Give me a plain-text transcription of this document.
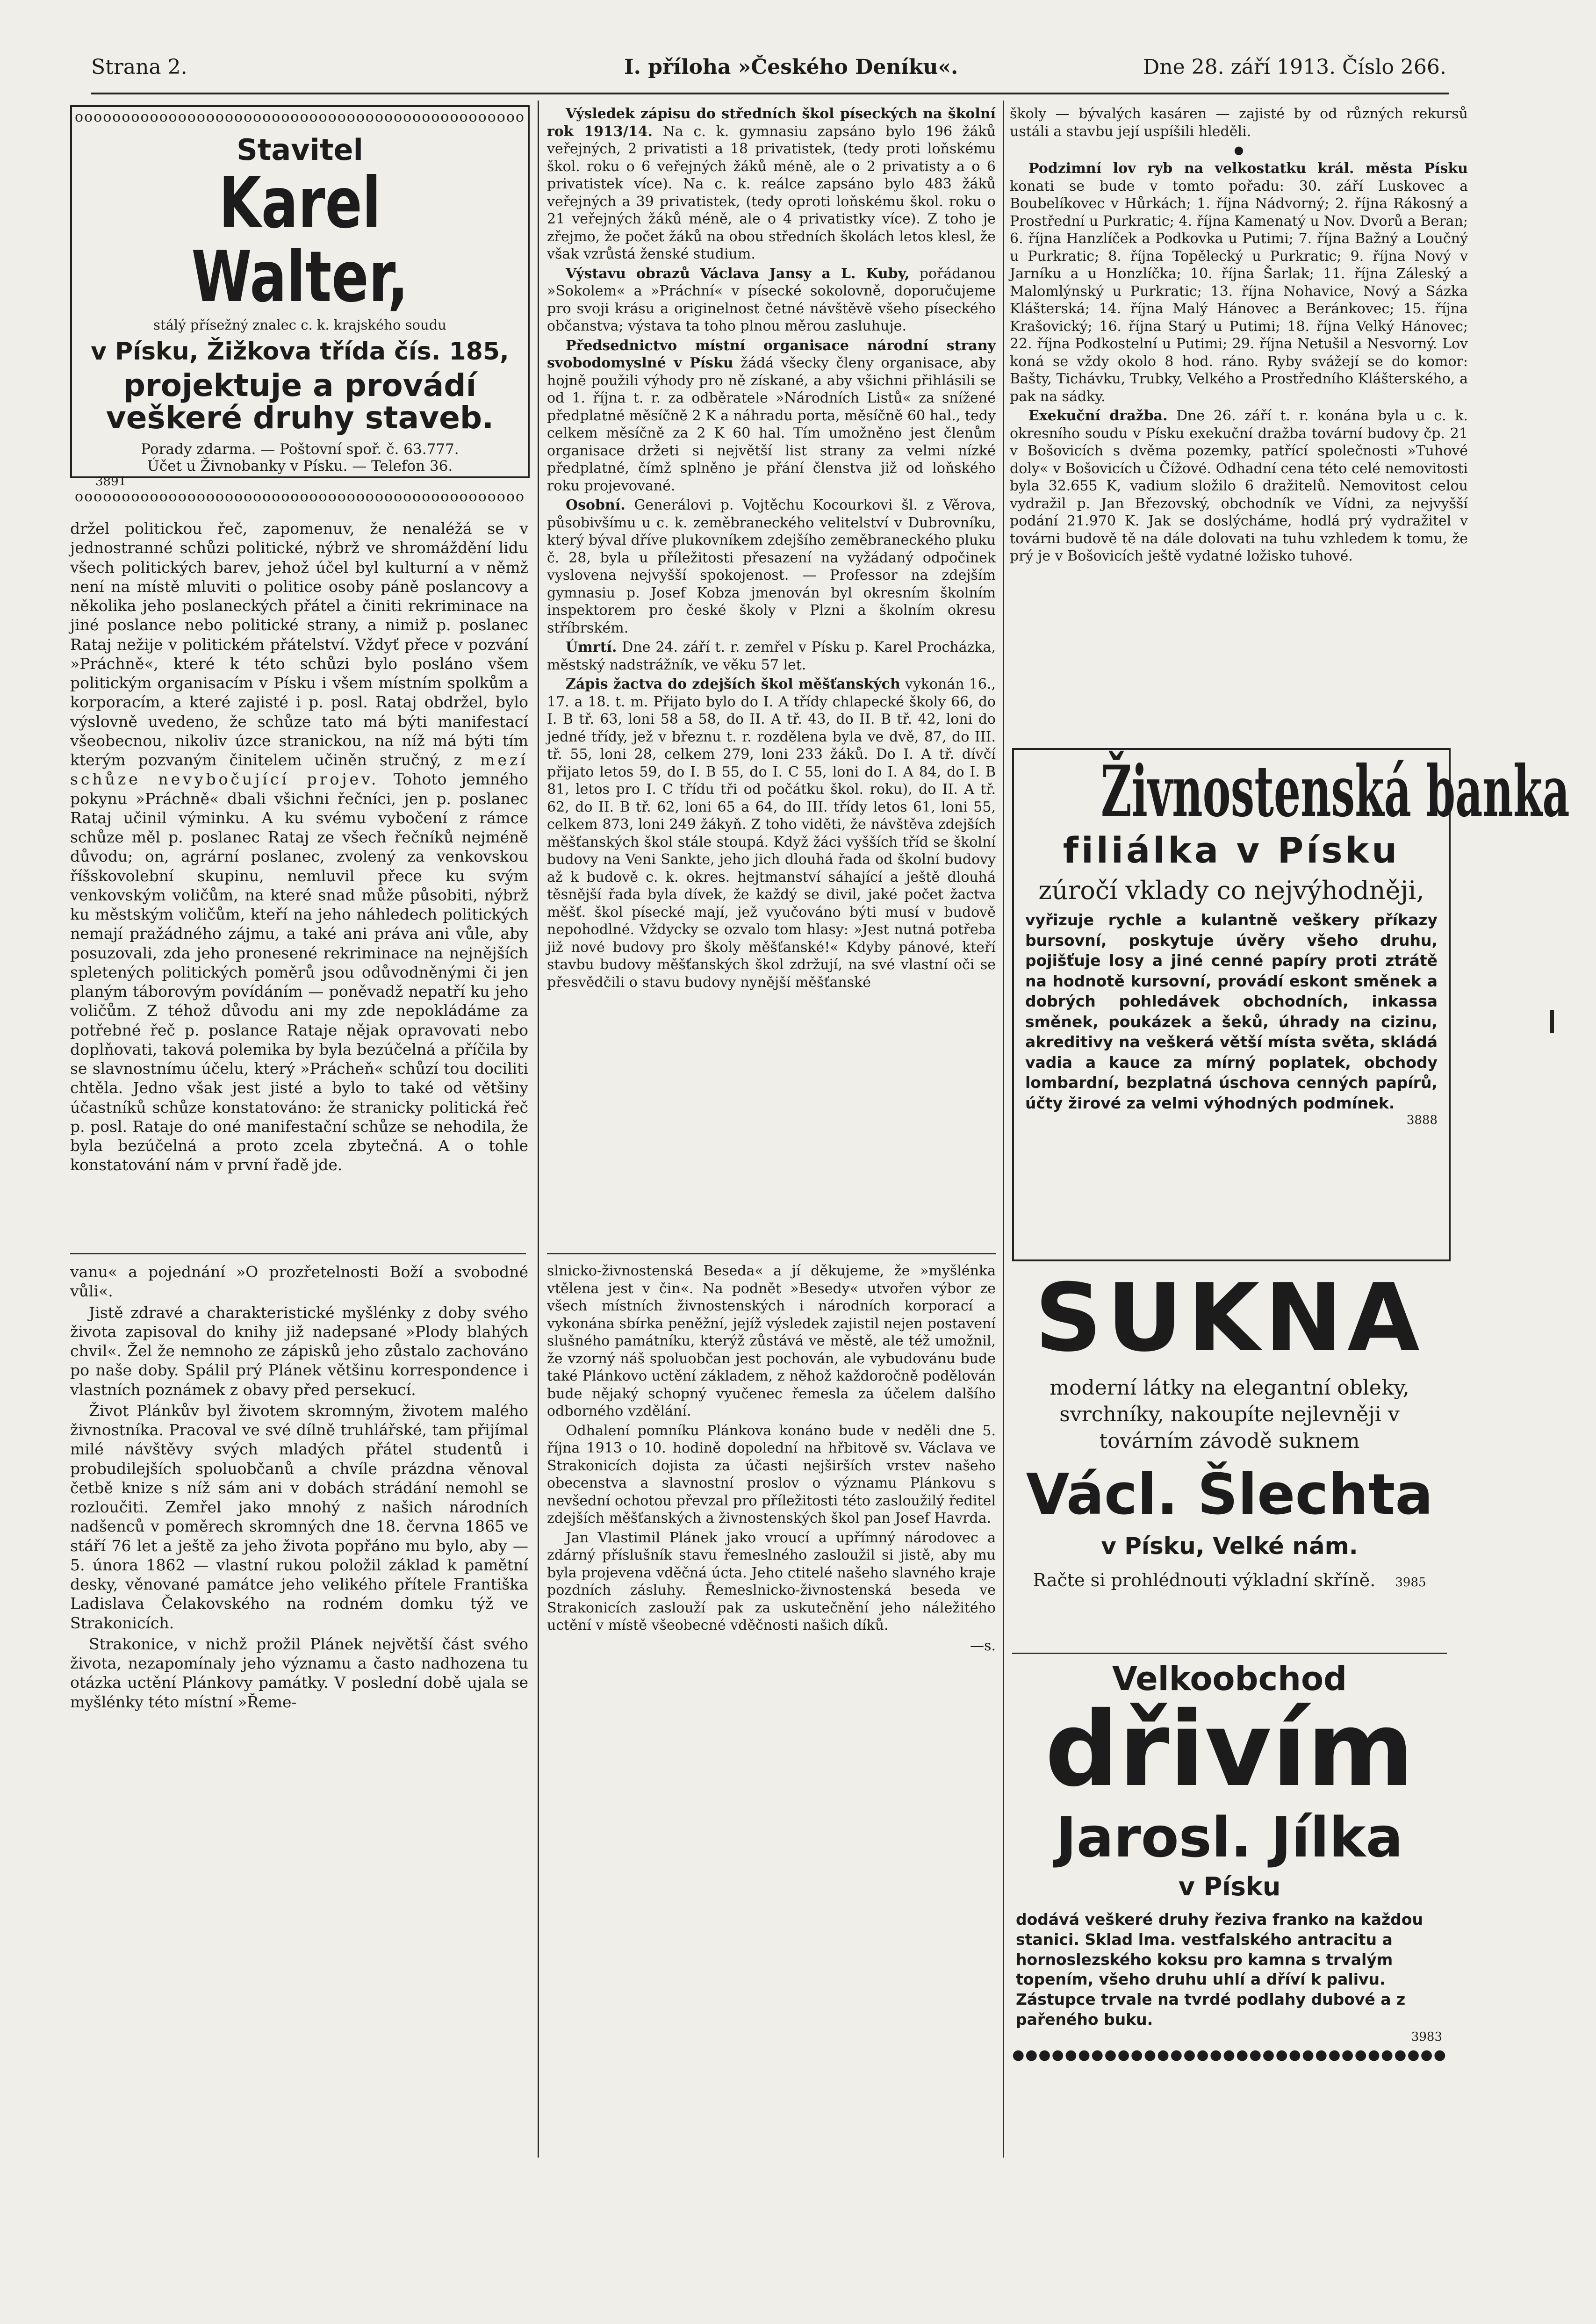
Strana 2.	I. příloha »Českého Deníku«.	Dne 28. září 1913. Číslo 266.
oooooooooooooooooooooooooooooooooooooooooooooooo
Stavitel
Karel Walter,
stálý přísežný znalec c. k. krajského soudu
v Písku, Žižkova třída čís. 185,
projektuje a provádí
veškeré druhy staveb.
Porady zdarma. — Poštovní spoř. č. 63.777.
Účet u Živnobanky v Písku. — Telefon 36.
3891
oooooooooooooooooooooooooooooooooooooooooooooooo

držel politickou řeč, zapomenuv, že nenaléžá se v jednostranné schůzi politické, nýbrž ve shromáždění lidu všech politických barev, jehož účel byl kulturní a v němž není na místě mluviti o politice osoby páně poslancovy a několika jeho poslaneckých přátel a činiti rekriminace na jiné poslance nebo politické strany, a nimiž p. poslanec Rataj nežije v politickém přátelství. Vždyť přece v pozvání »Práchně«, které k této schůzi bylo posláno všem politickým organisacím v Písku i všem místním spolkům a korporacím, a které zajisté i p. posl. Rataj obdržel, bylo výslovně uvedeno, že schůze tato má býti manifestací všeobecnou, nikoliv úzce stranickou, na níž má býti tím kterým pozvaným činitelem učiněn stručný, z mezí schůze nevybočující projev. Tohoto jemného pokynu »Práchně« dbali všichni řečníci, jen p. poslanec Rataj učinil výminku. A ku svému vybočení z rámce schůze měl p. poslanec Rataj ze všech řečníků nejméně důvodu; on, agrární poslanec, zvolený za venkovskou říšskovolební skupinu, nemluvil přece ku svým venkovským voličům, na které snad může působiti, nýbrž ku městským voličům, kteří na jeho náhledech politických nemají pražádného zájmu, a také ani práva ani vůle, aby posuzovali, zda jeho pronesené rekriminace na nejnějších spletených politických poměrů jsou odůvodněnými či jen planým táborovým povídáním — poněvadž nepatří ku jeho voličům. Z téhož důvodu ani my zde nepokládáme za potřebné řeč p. poslance Rataje nějak opravovati nebo doplňovati, taková polemika by byla bezúčelná a příčila by se slavnostnímu účelu, který »Prácheň« schůzí tou dociliti chtěla. Jedno však jest jisté a bylo to také od většiny účastníků schůze konstatováno: že stranicky politická řeč p. posl. Rataje do oné manifestační schůze se nehodila, že byla bezúčelná a proto zcela zbytečná. A o tohle konstatování nám v první řadě jde.

vanu« a pojednání »O prozřetelnosti Boží a svobodné vůli«.

Jistě zdravé a charakteristické myšlénky z doby svého života zapisoval do knihy již nadepsané »Plody blahých chvil«. Žel že nemnoho ze zápisků jeho zůstalo zachováno po naše doby. Spálil prý Plánek většinu korrespondence i vlastních poznámek z obavy před persekucí.

Život Plánkův byl životem skromným, životem malého živnostníka. Pracoval ve své dílně truhlářské, tam přijímal milé návštěvy svých mladých přátel studentů i probudilejších spoluobčanů a chvíle prázdna věnoval četbě knize s níž sám ani v dobách strádání nemohl se rozloučiti. Zemřel jako mnohý z našich národních nadšenců v poměrech skromných dne 18. června 1865 ve stáří 76 let a ještě za jeho života popřáno mu bylo, aby — 5. února 1862 — vlastní rukou položil základ k pamětní desky, věnované památce jeho velikého přítele Františka Ladislava Čelakovského na rodném domku týž ve Strakonicích.

Strakonice, v nichž prožil Plánek největší část svého života, nezapomínaly jeho významu a často nadhozena tu otázka uctění Plánkovy památky. V poslední době ujala se myšlénky této místní »Řeme-

Výsledek zápisu do středních škol píseckých na školní rok 1913/14. Na c. k. gymnasiu zapsáno bylo 196 žáků veřejných, 2 privatisti a 18 privatistek, (tedy proti loňskému škol. roku o 6 veřejných žáků méně, ale o 2 privatisty a o 6 privatistek více). Na c. k. reálce zapsáno bylo 483 žáků veřejných a 39 privatistek, (tedy oproti loňskému škol. roku o 21 veřejných žáků méně, ale o 4 privatistky více). Z toho je zřejmo, že počet žáků na obou středních školách letos klesl, že však vzrůstá ženské studium.

Výstavu obrazů Václava Jansy a L. Kuby, pořádanou »Sokolem« a »Práchní« v písecké sokolovně, doporučujeme pro svoji krásu a originelnost četné návštěvě všeho píseckého občanstva; výstava ta toho plnou měrou zasluhuje.

Předsednictvo místní organisace národní strany svobodomyslné v Písku žádá všecky členy organisace, aby hojně použili výhody pro ně získané, a aby všichni přihlásili se od 1. října t. r. za odběratele »Národních Listů« za snížené předplatné měsíčně 2 K a náhradu porta, měsíčně 60 hal., tedy celkem měsíčně za 2 K 60 hal. Tím umožněno jest členům organisace držeti si největší list strany za velmi nízké předplatné, čímž splněno je přání členstva již od loňského roku projevované.

Osobní. Generálovi p. Vojtěchu Kocourkovi šl. z Věrova, působivšímu u c. k. zeměbraneckého velitelství v Dubrovníku, který býval dříve plukovníkem zdejšího zeměbraneckého pluku č. 28, byla u příležitosti přesazení na vyžádaný odpočinek vyslovena nejvyšší spokojenost. — Professor na zdejším gymnasiu p. Josef Kobza jmenován byl okresním školním inspektorem pro české školy v Plzni a školním okresu stříbrském.

Úmrtí. Dne 24. září t. r. zemřel v Písku p. Karel Procházka, městský nadstrážník, ve věku 57 let.

Zápis žactva do zdejších škol měšťanských vykonán 16., 17. a 18. t. m. Přijato bylo do I. A třídy chlapecké školy 66, do I. B tř. 63, loni 58 a 58, do II. A tř. 43, do II. B tř. 42, loni do jedné třídy, jež v březnu t. r. rozdělena byla ve dvě, 87, do III. tř. 55, loni 28, celkem 279, loni 233 žáků. Do I. A tř. dívčí přijato letos 59, do I. B 55, do I. C 55, loni do I. A 84, do I. B 81, letos pro I. C třídu tři od počátku škol. roku), do II. A tř. 62, do II. B tř. 62, loni 65 a 64, do III. třídy letos 61, loni 55, celkem 873, loni 249 žákyň. Z toho viděti, že návštěva zdejších měšťanských škol stále stoupá. Když žáci vyšších tříd se školní budovy na Veni Sankte, jeho jich dlouhá řada od školní budovy až k budově c. k. okres. hejtmanství sáhající a ještě dlouhá těsnější řada byla dívek, že každý se divil, jaké počet žactva měšť. škol písecké mají, jež vyučováno býti musí v budově nepohodlné. Vždycky se ozvalo tom hlasy: »Jest nutná potřeba již nové budovy pro školy měšťanské!« Kdyby pánové, kteří stavbu budovy měšťanských škol zdržují, na své vlastní oči se přesvědčili o stavu budovy nynější měšťanské

slnicko-živnostenská Beseda« a jí děkujeme, že »myšlénka vtělena jest v čin«. Na podnět »Besedy« utvořen výbor ze všech místních živnostenských i národních korporací a vykonána sbírka peněžní, jejíž výsledek zajistil nejen postavení slušného památníku, kterýž zůstává ve městě, ale též umožnil, že vzorný náš spoluobčan jest pochován, ale vybudovánu bude také Plánkovo uctění základem, z něhož každoročně podělován bude nějaký schopný vyučenec řemesla za účelem dalšího odborného vzdělání.

Odhalení pomníku Plánkova konáno bude v neděli dne 5. října 1913 o 10. hodině dopolední na hřbitově sv. Václava ve Strakonicích dojista za účasti nejširších vrstev našeho obecenstva a slavnostní proslov o významu Plánkovu s nevšední ochotou převzal pro příležitosti této zasloužilý ředitel zdejších měšťanských a živnostenských škol pan Josef Havrda.

Jan Vlastimil Plánek jako vroucí a upřímný národovec a zdárný příslušník stavu řemeslného zasloužil si jistě, aby mu byla projevena vděčná úcta. Jeho ctitelé našeho slavného kraje pozdních zásluhy. Řemeslnicko-živnostenská beseda ve Strakonicích zaslouží pak za uskutečnění jeho náležitého uctění v místě všeobecné vděčnosti našich díků.

—s.

školy — bývalých kasáren — zajisté by od různých rekursů ustáli a stavbu její uspíšili hleděli.

●

Podzimní lov ryb na velkostatku král. města Písku konati se bude v tomto pořadu: 30. září Luskovec a Boubelíkovec v Hůrkách; 1. října Nádvorný; 2. října Rákosný a Prostřední u Purkratic; 4. října Kamenatý u Nov. Dvorů a Beran; 6. října Hanzlíček a Podkovka u Putimi; 7. října Bažný a Loučný u Purkratic; 8. října Topělecký u Purkratic; 9. října Nový v Jarníku a u Honzlíčka; 10. října Šarlak; 11. října Záleský a Malomlýnský u Purkratic; 13. října Nohavice, Nový a Sázka Klášterská; 14. října Malý Hánovec a Beránkovec; 15. října Krašovický; 16. října Starý u Putimi; 18. října Velký Hánovec; 22. října Podkostelní u Putimi; 29. října Netušil a Nesvorný. Lov koná se vždy okolo 8 hod. ráno. Ryby svážejí se do komor: Bašty, Tichávku, Trubky, Velkého a Prostředního Klášterského, a pak na sádky.

Exekuční dražba. Dne 26. září t. r. konána byla u c. k. okresního soudu v Písku exekuční dražba tovární budovy čp. 21 v Bošovicích s dvěma pozemky, patřící společnosti »Tuhové doly« v Bošovicích u Čížové. Odhadní cena této celé nemovitosti byla 32.655 K, vadium složilo 6 dražitelů. Nemovitost celou vydražil p. Jan Březovský, obchodník ve Vídni, za nejvyšší podání 21.970 K. Jak se doslýcháme, hodlá prý vydražitel v továrni budově tě na dále dolovati na tuhu vzhledem k tomu, že prý je v Bošovicích ještě vydatné ložisko tuhové.

Živnostenská banka
filiálka v Písku
zúročí vklady co nejvýhodněji,
vyřizuje rychle a kulantně veškery příkazy bursovní, poskytuje úvěry všeho druhu, pojišťuje losy a jiné cenné papíry proti ztrátě na hodnotě kursovní, provádí eskont směnek a dobrých pohledávek obchodních, inkassa směnek, poukázek a šeků, úhrady na cizinu, akreditivy na veškerá větší místa světa, skládá vadia a kauce za mírný poplatek, obchody lombardní, bezplatná úschova cenných papírů, účty žirové za velmi výhodných podmínek.
3888
SUKNA
moderní látky na elegantní obleky, svrchníky, nakoupíte nejlevněji v továrním závodě suknem
Václ. Šlechta
v Písku, Velké nám.
Račte si prohlédnouti výkladní skříně. 3985
Velkoobchod
dřivím
Jarosl. Jílka
v Písku
dodává veškeré druhy řeziva franko na každou stanici. Sklad lma. vestfalského antracitu a hornoslezského koksu pro kamna s trvalým topením, všeho druhu uhlí a dříví k palivu. Zástupce trvale na tvrdé podlahy dubové a z pařeného buku.
3983
●●●●●●●●●●●●●●●●●●●●●●●●●●●●●●●●●
